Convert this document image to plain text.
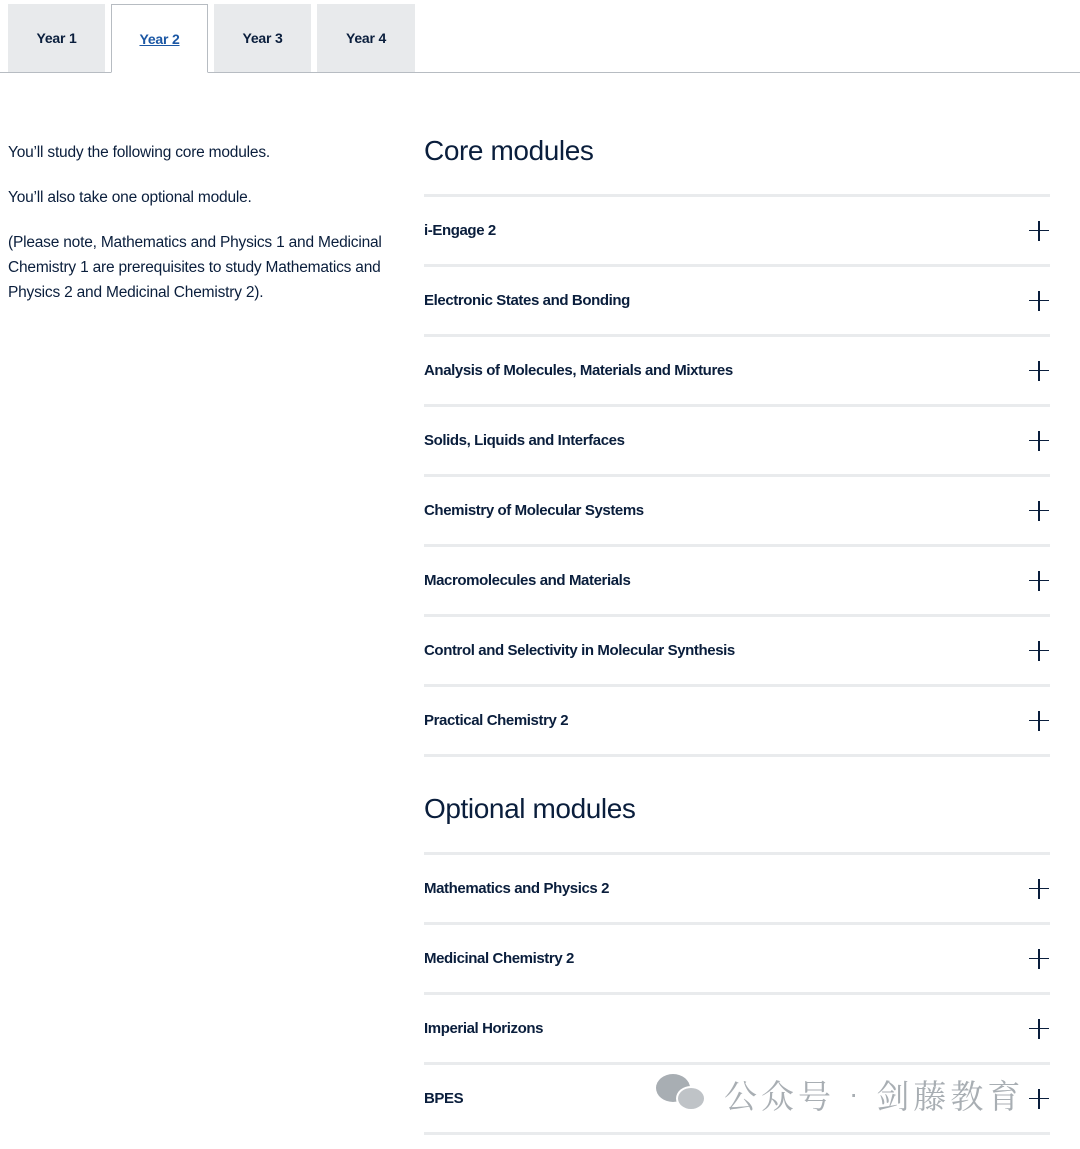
Year 1	Year 2	Year 3	Year 4

You’ll study the following core modules.

You’ll also take one optional module.

(Please note, Mathematics and Physics 1 and Medicinal Chemistry 1 are prerequisites to study Mathematics and Physics 2 and Medicinal Chemistry 2).

Core modules
i-Engage 2
Electronic States and Bonding
Analysis of Molecules, Materials and Mixtures
Solids, Liquids and Interfaces
Chemistry of Molecular Systems
Macromolecules and Materials
Control and Selectivity in Molecular Synthesis
Practical Chemistry 2
Optional modules
Mathematics and Physics 2
Medicinal Chemistry 2
Imperial Horizons
BPES	公众号 · 剑藤教育
